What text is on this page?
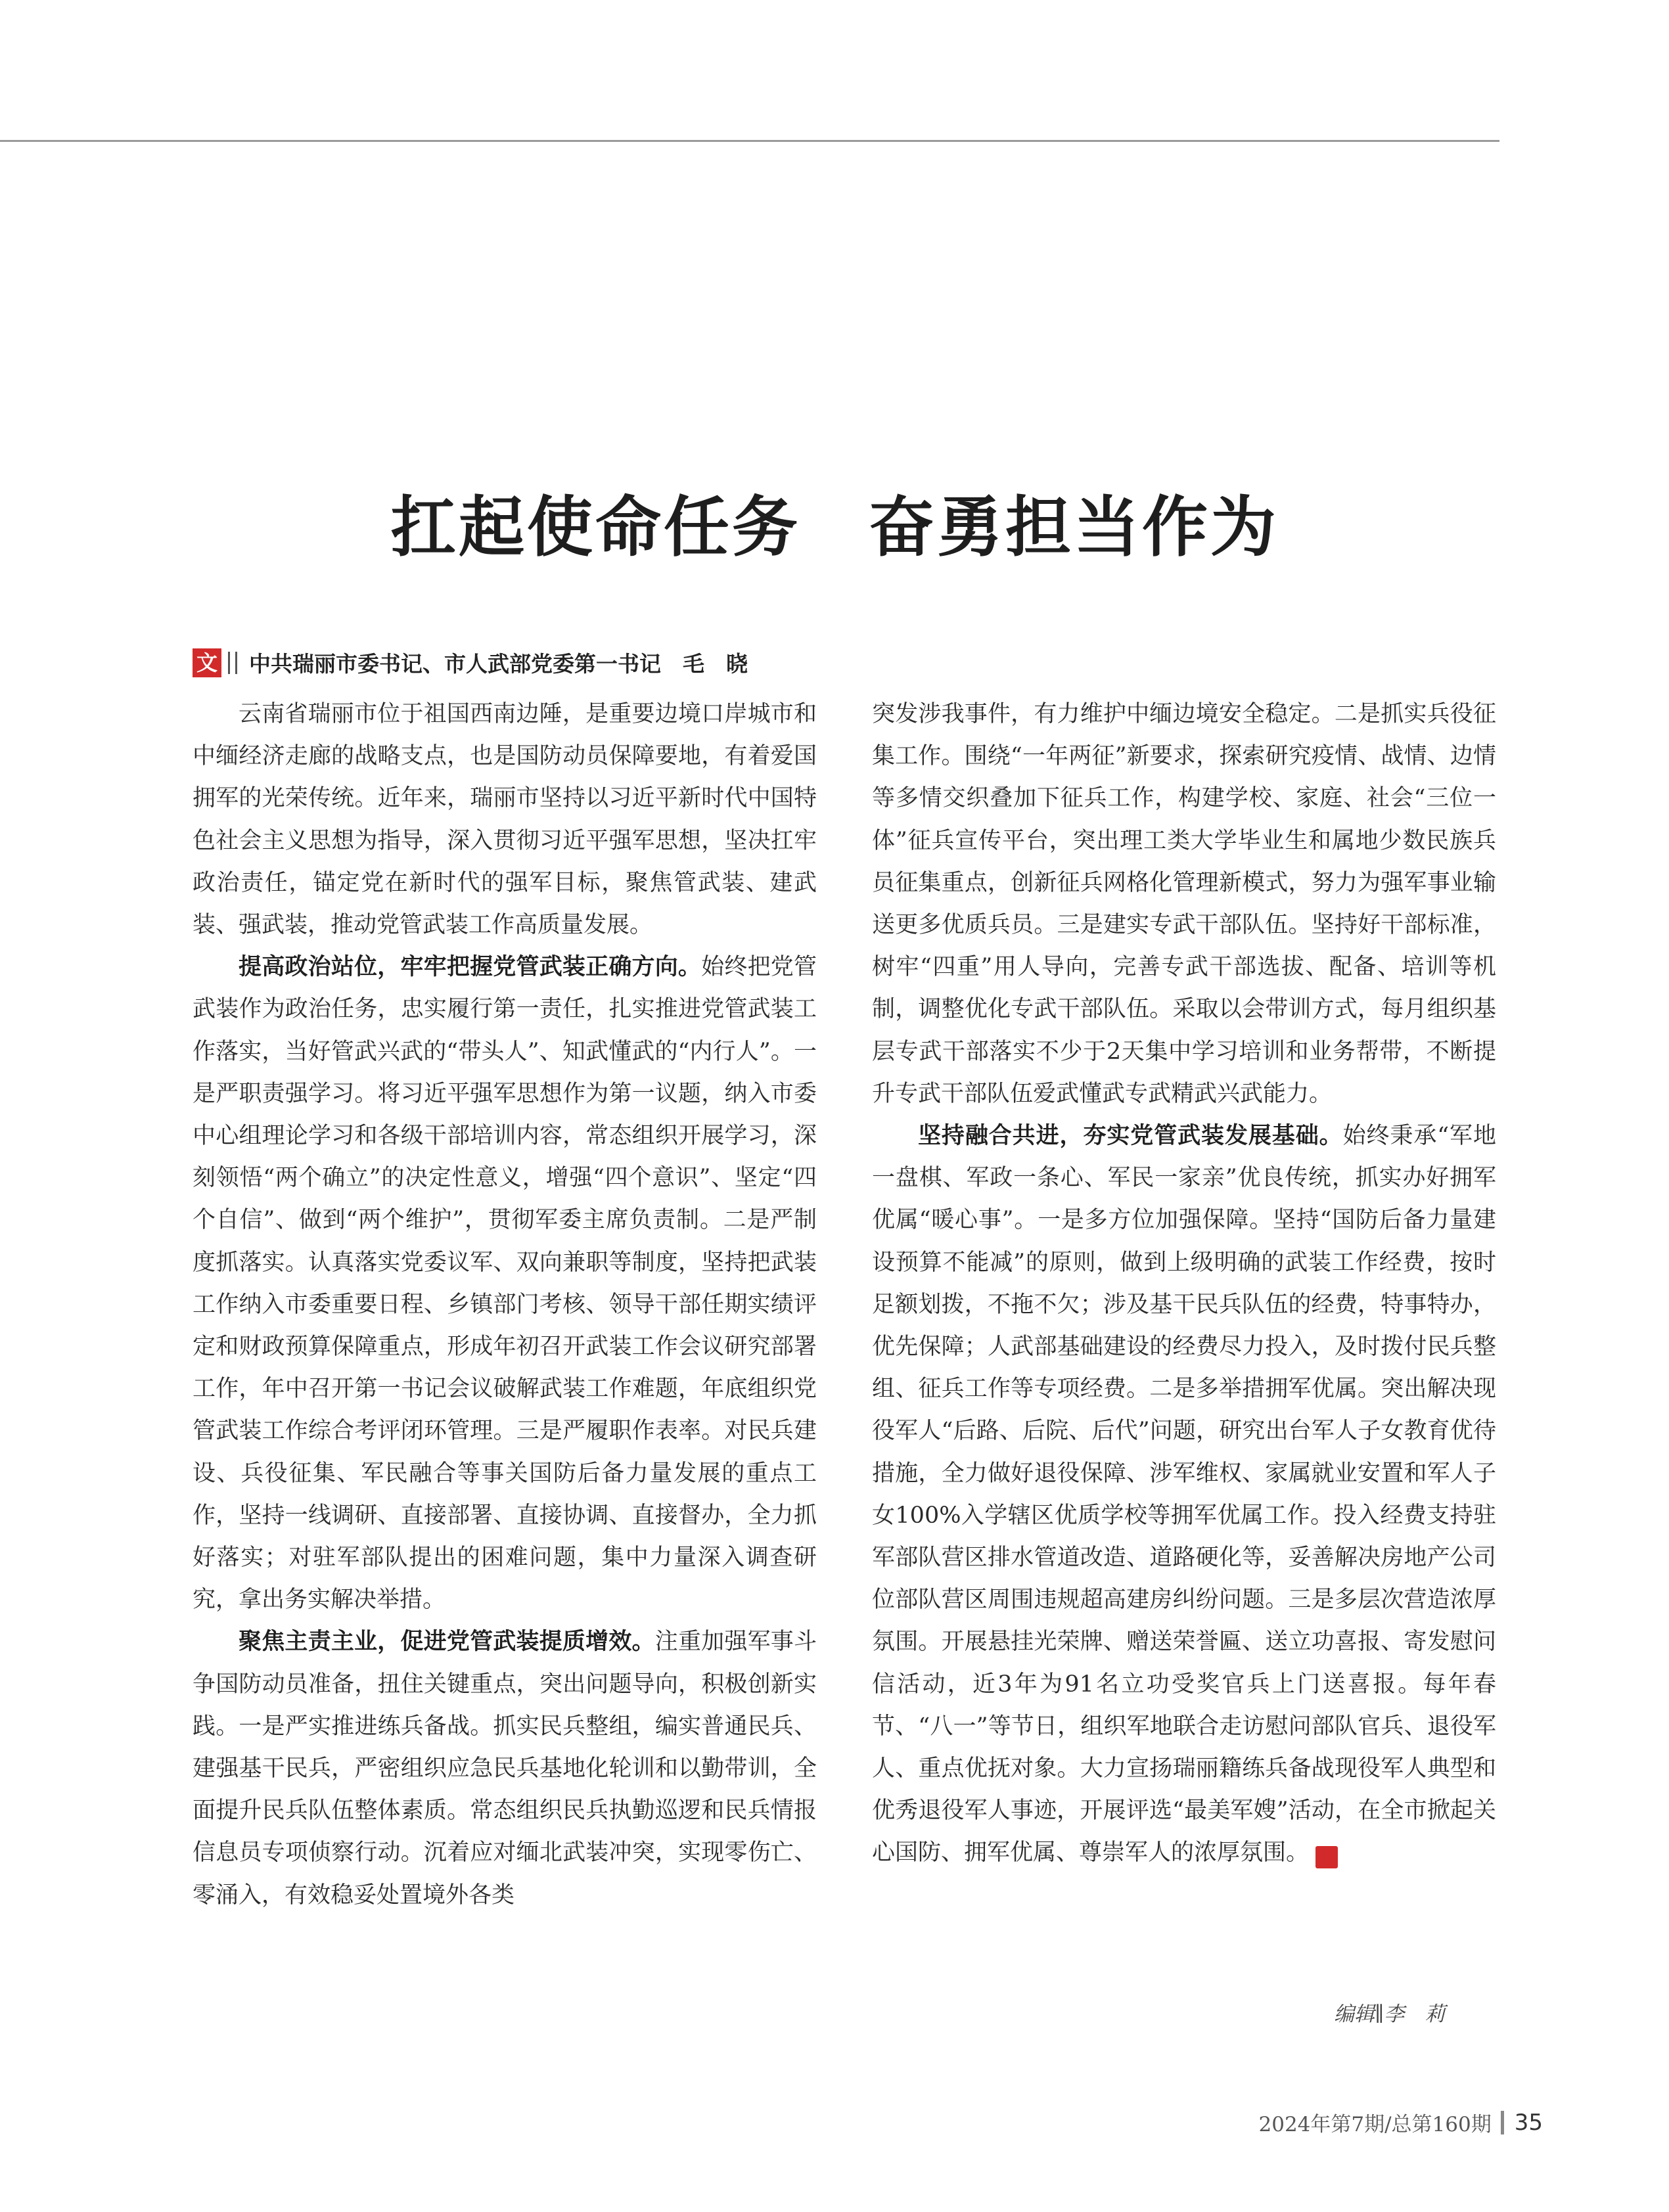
扛起使命任务　奋勇担当作为
文 中共瑞丽市委书记、市人武部党委第一书记　毛　晓

云南省瑞丽市位于祖国西南边陲，是重要边境口岸城市和中缅经济走廊的战略支点，也是国防动员保障要地，有着爱国拥军的光荣传统。近年来，瑞丽市坚持以习近平新时代中国特色社会主义思想为指导，深入贯彻习近平强军思想，坚决扛牢政治责任，锚定党在新时代的强军目标，聚焦管武装、建武装、强武装，推动党管武装工作高质量发展。

提高政治站位，牢牢把握党管武装正确方向。始终把党管武装作为政治任务，忠实履行第一责任，扎实推进党管武装工作落实，当好管武兴武的“带头人”、知武懂武的“内行人”。一是严职责强学习。将习近平强军思想作为第一议题，纳入市委中心组理论学习和各级干部培训内容，常态组织开展学习，深刻领悟“两个确立”的决定性意义，增强“四个意识”、坚定“四个自信”、做到“两个维护”，贯彻军委主席负责制。二是严制度抓落实。认真落实党委议军、双向兼职等制度，坚持把武装工作纳入市委重要日程、乡镇部门考核、领导干部任期实绩评定和财政预算保障重点，形成年初召开武装工作会议研究部署工作，年中召开第一书记会议破解武装工作难题，年底组织党管武装工作综合考评闭环管理。三是严履职作表率。对民兵建设、兵役征集、军民融合等事关国防后备力量发展的重点工作，坚持一线调研、直接部署、直接协调、直接督办，全力抓好落实；对驻军部队提出的困难问题，集中力量深入调查研究，拿出务实解决举措。

聚焦主责主业，促进党管武装提质增效。注重加强军事斗争国防动员准备，扭住关键重点，突出问题导向，积极创新实践。一是严实推进练兵备战。抓实民兵整组，编实普通民兵、建强基干民兵，严密组织应急民兵基地化轮训和以勤带训，全面提升民兵队伍整体素质。常态组织民兵执勤巡逻和民兵情报信息员专项侦察行动。沉着应对缅北武装冲突，实现零伤亡、零涌入，有效稳妥处置境外各类

突发涉我事件，有力维护中缅边境安全稳定。二是抓实兵役征集工作。围绕“一年两征”新要求，探索研究疫情、战情、边情等多情交织叠加下征兵工作，构建学校、家庭、社会“三位一体”征兵宣传平台，突出理工类大学毕业生和属地少数民族兵员征集重点，创新征兵网格化管理新模式，努力为强军事业输送更多优质兵员。三是建实专武干部队伍。坚持好干部标准，树牢“四重”用人导向，完善专武干部选拔、配备、培训等机制，调整优化专武干部队伍。采取以会带训方式，每月组织基层专武干部落实不少于2天集中学习培训和业务帮带，不断提升专武干部队伍爱武懂武专武精武兴武能力。

坚持融合共进，夯实党管武装发展基础。始终秉承“军地一盘棋、军政一条心、军民一家亲”优良传统，抓实办好拥军优属“暖心事”。一是多方位加强保障。坚持“国防后备力量建设预算不能减”的原则，做到上级明确的武装工作经费，按时足额划拨，不拖不欠；涉及基干民兵队伍的经费，特事特办，优先保障；人武部基础建设的经费尽力投入，及时拨付民兵整组、征兵工作等专项经费。二是多举措拥军优属。突出解决现役军人“后路、后院、后代”问题，研究出台军人子女教育优待措施，全力做好退役保障、涉军维权、家属就业安置和军人子女100%入学辖区优质学校等拥军优属工作。投入经费支持驻军部队营区排水管道改造、道路硬化等，妥善解决房地产公司位部队营区周围违规超高建房纠纷问题。三是多层次营造浓厚氛围。开展悬挂光荣牌、赠送荣誉匾、送立功喜报、寄发慰问信活动，近3年为91名立功受奖官兵上门送喜报。每年春节、“八一”等节日，组织军地联合走访慰问部队官兵、退役军人、重点优抚对象。大力宣扬瑞丽籍练兵备战现役军人典型和优秀退役军人事迹，开展评选“最美军嫂”活动，在全市掀起关心国防、拥军优属、尊崇军人的浓厚氛围。	G

编辑∥李　莉
2024年第7期/总第160期 35
